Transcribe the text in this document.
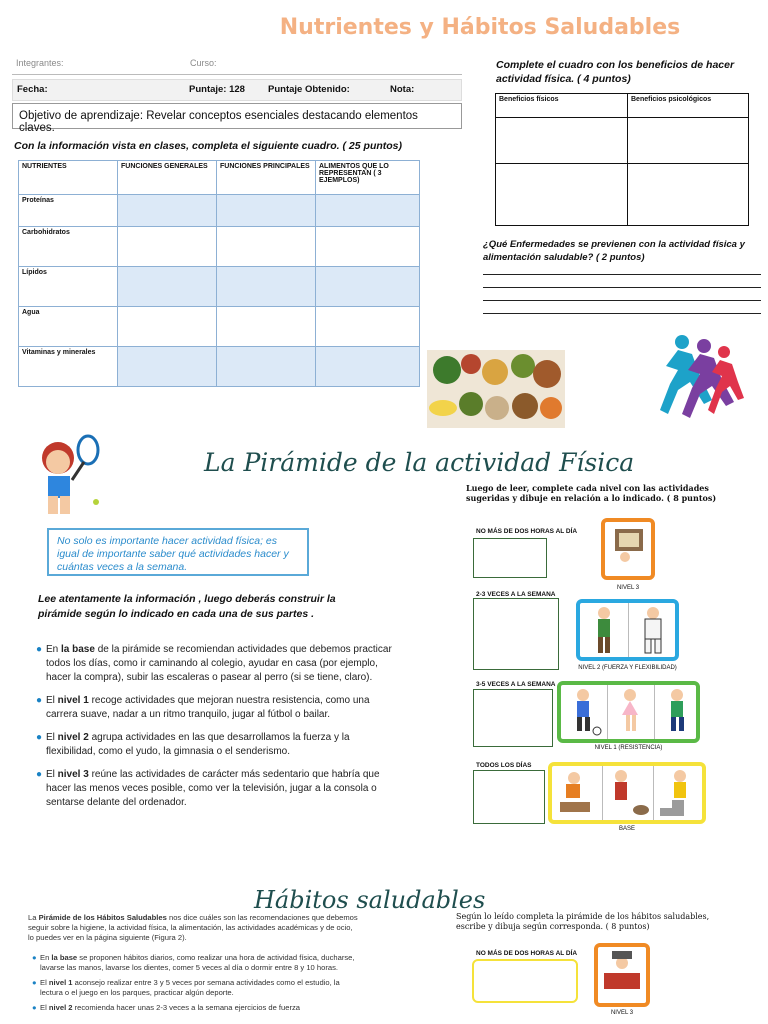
Nutrientes y Hábitos Saludables
Integrantes:	Curso:
Fecha:	Puntaje: 128 Puntaje Obtenido:	Nota:
Objetivo de aprendizaje: Revelar conceptos esenciales destacando elementos claves.
Con la información vista en clases, completa el siguiente cuadro. ( 25 puntos)
NUTRIENTES	FUNCIONES GENERALES	FUNCIONES PRINCIPALES	ALIMENTOS QUE LO REPRESENTAN ( 3 EJEMPLOS)
Proteínas			
Carbohidratos			
Lípidos			
Agua			
Vitaminas y minerales			
Complete el cuadro con los beneficios de hacer actividad física. ( 4 puntos)
Beneficios físicos	Beneficios psicológicos

¿Qué Enfermedades se previenen con la actividad física y alimentación saludable? ( 2 puntos)
La Pirámide de la actividad Física
No solo es importante hacer actividad física; es igual de importante saber qué actividades hacer y cuántas veces a la semana.
Lee atentamente la información , luego deberás construir la pirámide según lo indicado en cada una de sus partes .

● En la base de la pirámide se recomiendan actividades que debemos practicar todos los días, como ir caminando al colegio, ayudar en casa (por ejemplo, hacer la compra), subir las escaleras o pasear al perro (si se tiene, claro).

● El nivel 1 recoge actividades que mejoran nuestra resistencia, como una carrera suave, nadar a un ritmo tranquilo, jugar al fútbol o bailar.

● El nivel 2 agrupa actividades en las que desarrollamos la fuerza y la flexibilidad, como el yudo, la gimnasia o el senderismo.

● El nivel 3 reúne las actividades de carácter más sedentario que habría que hacer las menos veces posible, como ver la televisión, jugar a la consola o sentarse delante del ordenador.

Luego de leer, complete cada nivel con las actividades sugeridas y dibuje en relación a lo indicado. ( 8 puntos)
NO MÁS DE DOS HORAS AL DÍA
NIVEL 3
2-3 VECES A LA SEMANA
NIVEL 2 (FUERZA Y FLEXIBILIDAD)
3-5 VECES A LA SEMANA
NIVEL 1 (RESISTENCIA)
TODOS LOS DÍAS
BASE
Hábitos saludables
La Pirámide de los Hábitos Saludables nos dice cuáles son las recomendaciones que debemos seguir sobre la higiene, la actividad física, la alimentación, las actividades académicas y de ocio, lo puedes ver en la página siguiente (Figura 2).

● En la base se proponen hábitos diarios, como realizar una hora de actividad física, ducharse, lavarse las manos, lavarse los dientes, comer 5 veces al día o dormir entre 8 y 10 horas.

● El nivel 1 aconsejo realizar entre 3 y 5 veces por semana actividades como el estudio, la lectura o el juego en los parques, practicar algún deporte.

● El nivel 2 recomienda hacer unas 2-3 veces a la semana ejercicios de fuerza

Según lo leído completa la pirámide de los hábitos saludables, escribe y dibuja según corresponda. ( 8 puntos)
NO MÁS DE DOS HORAS AL DÍA
NIVEL 3
